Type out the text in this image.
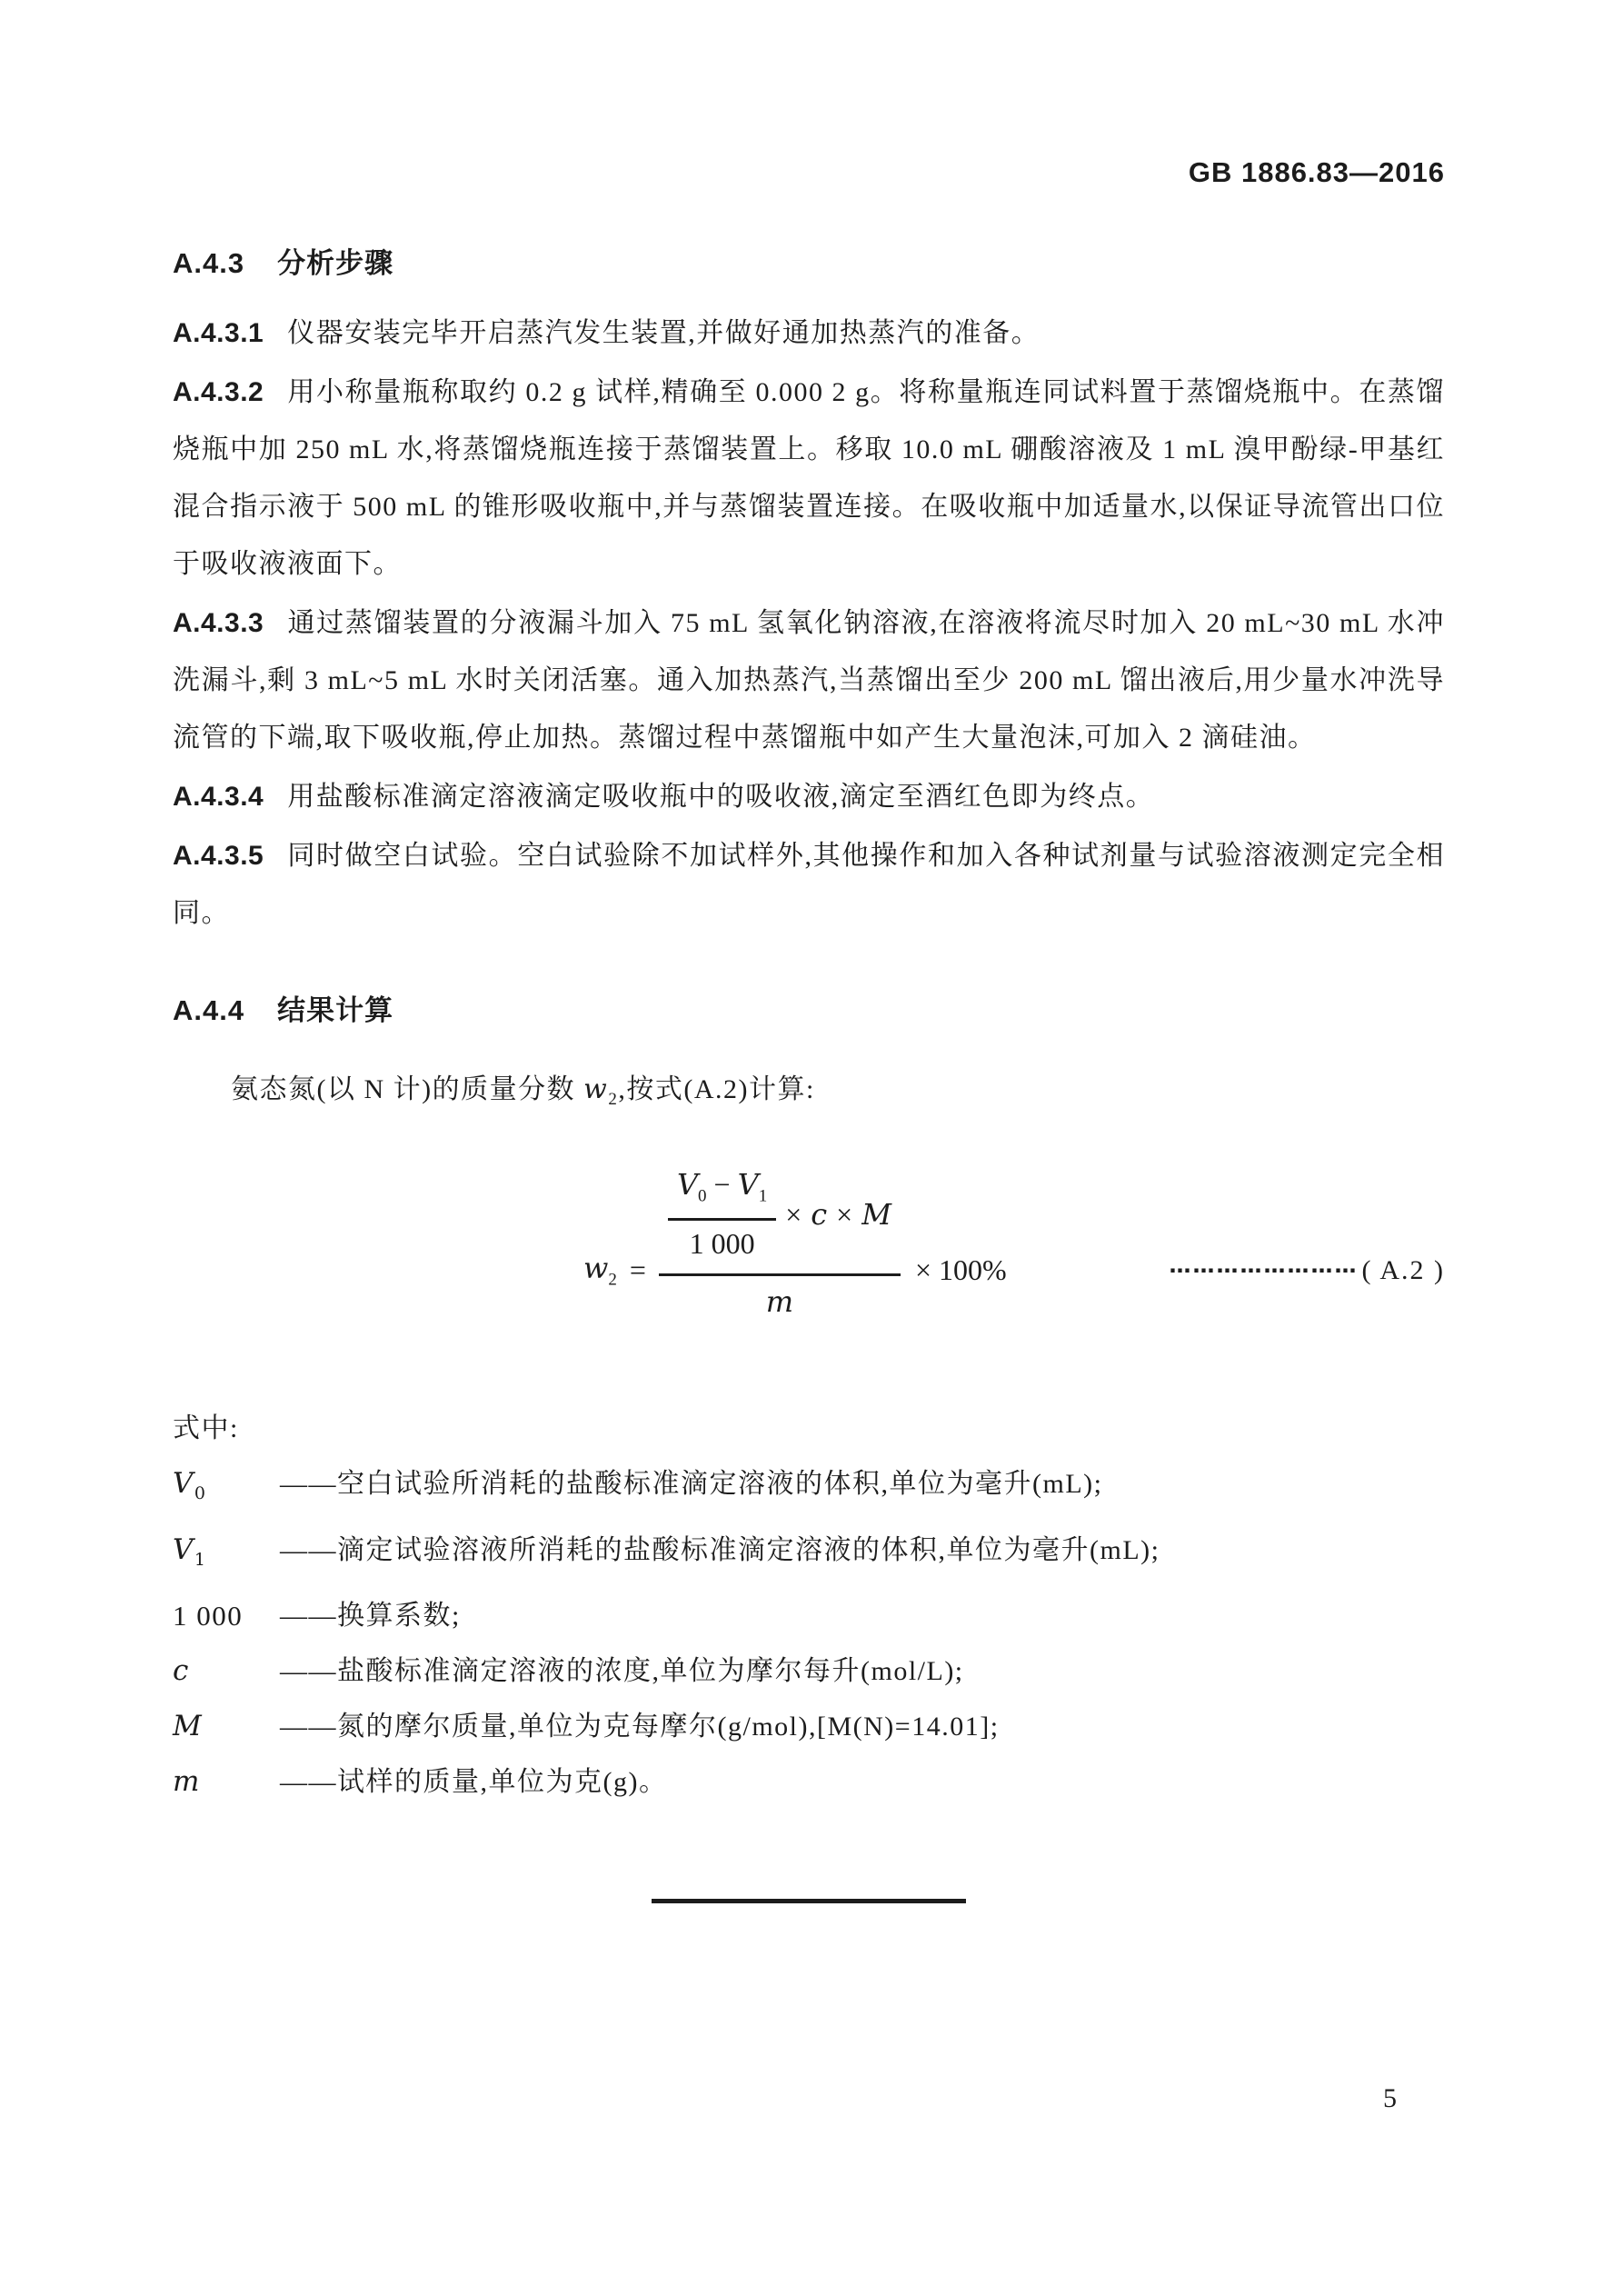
GB 1886.83—2016
A.4.3 分析步骤

A.4.3.1 仪器安装完毕开启蒸汽发生装置,并做好通加热蒸汽的准备。

A.4.3.2 用小称量瓶称取约 0.2 g 试样,精确至 0.000 2 g。将称量瓶连同试料置于蒸馏烧瓶中。在蒸馏烧瓶中加 250 mL 水,将蒸馏烧瓶连接于蒸馏装置上。移取 10.0 mL 硼酸溶液及 1 mL 溴甲酚绿-甲基红混合指示液于 500 mL 的锥形吸收瓶中,并与蒸馏装置连接。在吸收瓶中加适量水,以保证导流管出口位于吸收液液面下。

A.4.3.3 通过蒸馏装置的分液漏斗加入 75 mL 氢氧化钠溶液,在溶液将流尽时加入 20 mL~30 mL 水冲洗漏斗,剩 3 mL~5 mL 水时关闭活塞。通入加热蒸汽,当蒸馏出至少 200 mL 馏出液后,用少量水冲洗导流管的下端,取下吸收瓶,停止加热。蒸馏过程中蒸馏瓶中如产生大量泡沫,可加入 2 滴硅油。

A.4.3.4 用盐酸标准滴定溶液滴定吸收瓶中的吸收液,滴定至酒红色即为终点。

A.4.3.5 同时做空白试验。空白试验除不加试样外,其他操作和加入各种试剂量与试验溶液测定完全相同。

A.4.4 结果计算

氨态氮(以 N 计)的质量分数 $w_2$,按式(A.2)计算:

$w_2 = \frac{\frac{V_0 - V_1}{1 000} \times c \times M}{m} \times 100\%$	⋯⋯⋯⋯⋯⋯⋯⋯ ( A.2 )
式中:
$V_0$	——空白试验所消耗的盐酸标准滴定溶液的体积,单位为毫升(mL);
$V_1$	——滴定试验溶液所消耗的盐酸标准滴定溶液的体积,单位为毫升(mL);
1 000	——换算系数;
c	——盐酸标准滴定溶液的浓度,单位为摩尔每升(mol/L);
M	——氮的摩尔质量,单位为克每摩尔(g/mol),[M(N)=14.01];
m	——试样的质量,单位为克(g)。
5
